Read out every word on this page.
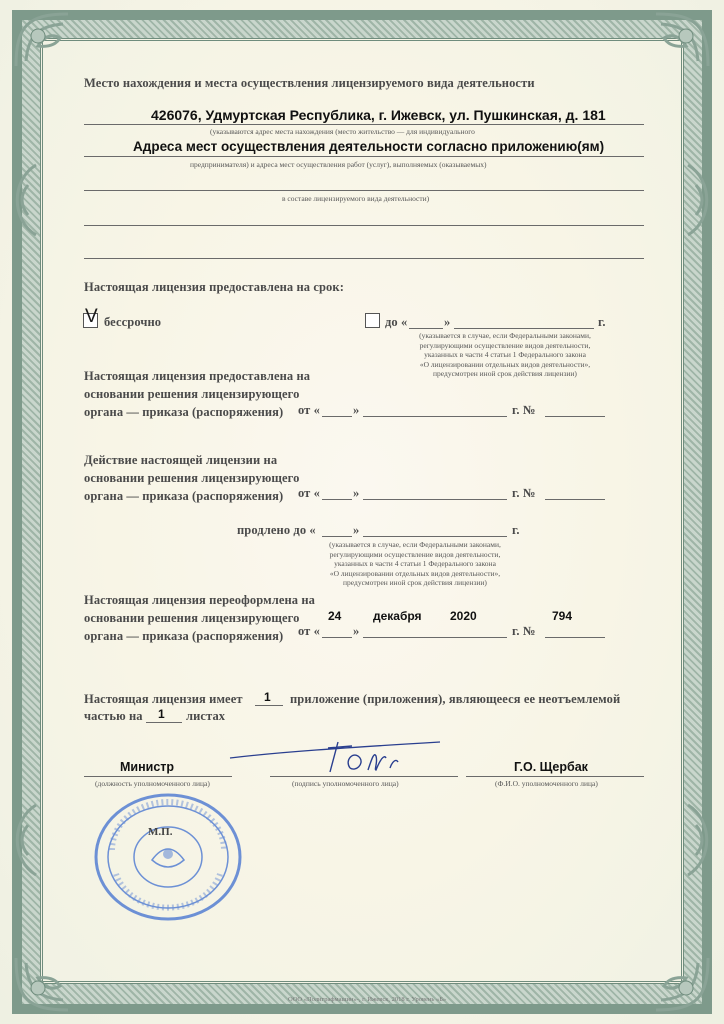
Место нахождения и места осуществления лицензируемого вида деятельности
426076, Удмуртская Республика, г. Ижевск, ул. Пушкинская, д. 181
(указываются адрес места нахождения (место жительство — для индивидуального
Адреса мест осуществления деятельности согласно приложению(ям)
предпринимателя) и адреса мест осуществления работ (услуг), выполняемых (оказываемых)
в составе лицензируемого вида деятельности)
Настоящая лицензия предоставлена на срок:
V бессрочно	до «	»	г.
(указывается в случае, если Федеральными законами,
регулирующими осуществление видов деятельности,
указанных в части 4 статьи 1 Федерального закона
«О лицензировании отдельных видов деятельности»,
предусмотрен иной срок действия лицензии)
Настоящая лицензия предоставлена на
основании решения лицензирующего
органа — приказа (распоряжения)	от «	»	г. №
Действие настоящей лицензии на
основании решения лицензирующего
органа — приказа (распоряжения)	от «	»	г. №
продлено до «	»	г.
(указывается в случае, если Федеральными законами,
регулирующими осуществление видов деятельности,
указанных в части 4 статьи 1 Федерального закона
«О лицензировании отдельных видов деятельности»,
предусмотрен иной срок действия лицензии)
Настоящая лицензия переоформлена на
основании решения лицензирующего
органа — приказа (распоряжения)
24	декабря 2020	794
от «	»	г. №
Настоящая лицензия имеет 1 приложение (приложения), являющееся ее неотъемлемой
частью на 1 листах
Министр
(должность уполномоченного лица)	(подпись уполномоченного лица)
Г.О. Щербак
(Ф.И.О. уполномоченного лица)
М.П.
ООО «Полиграфмашин»-, г. Ижевск, 2018 г. Уровень «Б»
